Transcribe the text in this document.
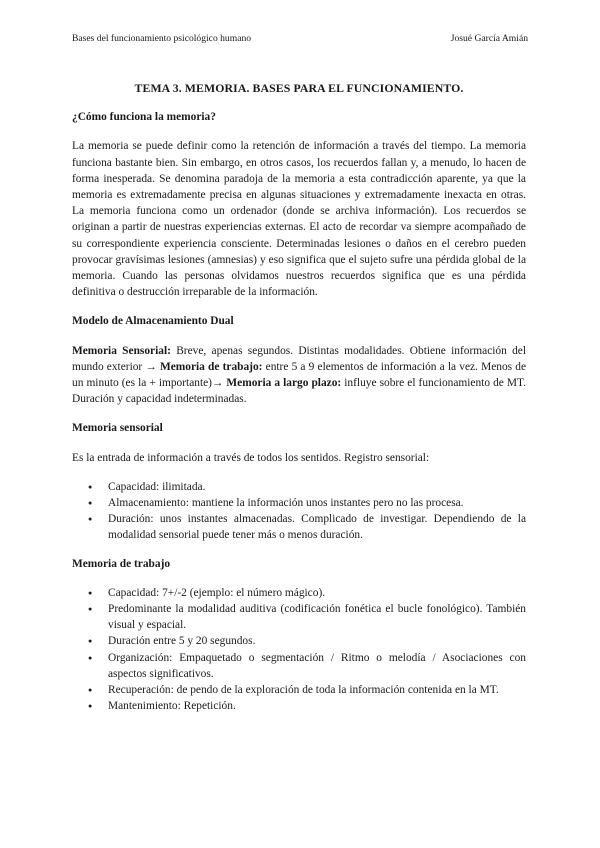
Bases del funcionamiento psicológico humano	Josué García Amián
TEMA 3. MEMORIA. BASES PARA EL FUNCIONAMIENTO.
¿Cómo funciona la memoria?

La memoria se puede definir como la retención de información a través del tiempo. La memoria funciona bastante bien. Sin embargo, en otros casos, los recuerdos fallan y, a menudo, lo hacen de forma inesperada. Se denomina paradoja de la memoria a esta contradicción aparente, ya que la memoria es extremadamente precisa en algunas situaciones y extremadamente inexacta en otras. La memoria funciona como un ordenador (donde se archiva información). Los recuerdos se originan a partir de nuestras experiencias externas. El acto de recordar va siempre acompañado de su correspondiente experiencia consciente. Determinadas lesiones o daños en el cerebro pueden provocar gravísimas lesiones (amnesias) y eso significa que el sujeto sufre una pérdida global de la memoria. Cuando las personas olvidamos nuestros recuerdos significa que es una pérdida definitiva o destrucción irreparable de la información.

Modelo de Almacenamiento Dual

Memoria Sensorial: Breve, apenas segundos. Distintas modalidades. Obtiene información del mundo exterior → Memoria de trabajo: entre 5 a 9 elementos de información a la vez. Menos de un minuto (es la + importante)→ Memoria a largo plazo: influye sobre el funcionamiento de MT. Duración y capacidad indeterminadas.

Memoria sensorial

Es la entrada de información a través de todos los sentidos. Registro sensorial:

● Capacidad: ilimitada.
● Almacenamiento: mantiene la información unos instantes pero no las procesa.
● Duración: unos instantes almacenadas. Complicado de investigar. Dependiendo de la modalidad sensorial puede tener más o menos duración.
Memoria de trabajo
● Capacidad: 7+/-2 (ejemplo: el número mágico).
● Predominante la modalidad auditiva (codificación fonética el bucle fonológico). También visual y espacial.
● Duración entre 5 y 20 segundos.
● Organización: Empaquetado o segmentación / Ritmo o melodía / Asociaciones con aspectos significativos.
● Recuperación: de pendo de la exploración de toda la información contenida en la MT.
● Mantenimiento: Repetición.
